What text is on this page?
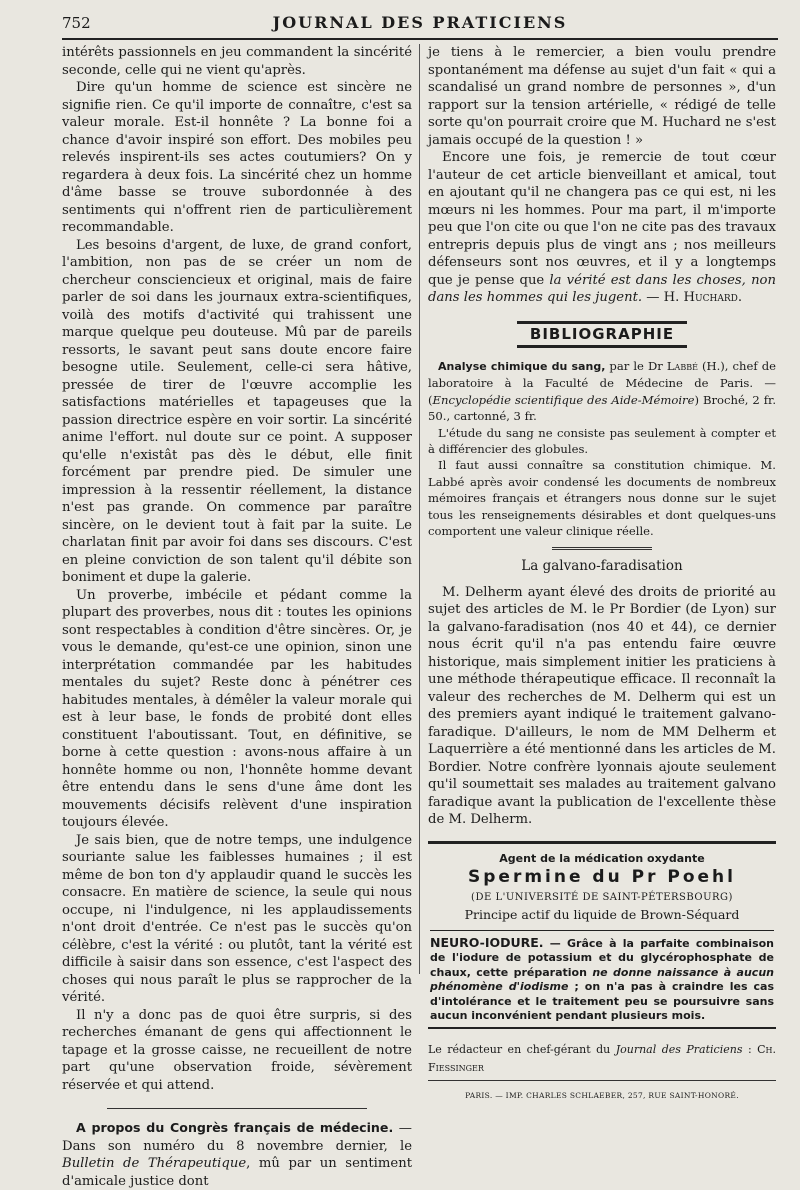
752	JOURNAL DES PRATICIENS

intérêts passionnels en jeu commandent la sincérité seconde, celle qui ne vient qu'après.

Dire qu'un homme de science est sincère ne signifie rien. Ce qu'il importe de connaître, c'est sa valeur morale. Est-il honnête ? La bonne foi a chance d'avoir inspiré son effort. Des mobiles peu relevés inspirent-ils ses actes coutumiers? On y regardera à deux fois. La sincérité chez un homme d'âme basse se trouve subordonnée à des sentiments qui n'offrent rien de particulièrement recommandable.

Les besoins d'argent, de luxe, de grand confort, l'ambition, non pas de se créer un nom de chercheur consciencieux et original, mais de faire parler de soi dans les journaux extra-scientifiques, voilà des motifs d'activité qui trahissent une marque quelque peu douteuse. Mû par de pareils ressorts, le savant peut sans doute encore faire besogne utile. Seulement, celle-ci sera hâtive, pressée de tirer de l'œuvre accomplie les satisfactions matérielles et tapageuses que la passion directrice espère en voir sortir. La sincérité anime l'effort. nul doute sur ce point. A supposer qu'elle n'existât pas dès le début, elle finit forcément par prendre pied. De simuler une impression à la ressentir réellement, la distance n'est pas grande. On commence par paraître sincère, on le devient tout à fait par la suite. Le charlatan finit par avoir foi dans ses discours. C'est en pleine conviction de son talent qu'il débite son boniment et dupe la galerie.

Un proverbe, imbécile et pédant comme la plupart des proverbes, nous dit : toutes les opinions sont respectables à condition d'être sincères. Or, je vous le demande, qu'est-ce une opinion, sinon une interprétation commandée par les habitudes mentales du sujet? Reste donc à pénétrer ces habitudes mentales, à démêler la valeur morale qui est à leur base, le fonds de probité dont elles constituent l'aboutissant. Tout, en définitive, se borne à cette question : avons-nous affaire à un honnête homme ou non, l'honnête homme devant être entendu dans le sens d'une âme dont les mouvements décisifs relèvent d'une inspiration toujours élevée.

Je sais bien, que de notre temps, une indulgence souriante salue les faiblesses humaines ; il est même de bon ton d'y applaudir quand le succès les consacre. En matière de science, la seule qui nous occupe, ni l'indulgence, ni les applaudissements n'ont droit d'entrée. Ce n'est pas le succès qu'on célèbre, c'est la vérité : ou plutôt, tant la vérité est difficile à saisir dans son essence, c'est l'aspect des choses qui nous paraît le plus se rapprocher de la vérité.

Il n'y a donc pas de quoi être surpris, si des recherches émanant de gens qui affectionnent le tapage et la grosse caisse, ne recueillent de notre part qu'une observation froide, sévèrement réservée et qui attend.

A propos du Congrès français de médecine. — Dans son numéro du 8 novembre dernier, le Bulletin de Thérapeutique, mû par un sentiment d'amicale justice dont

je tiens à le remercier, a bien voulu prendre spontanément ma défense au sujet d'un fait « qui a scandalisé un grand nombre de personnes », d'un rapport sur la tension artérielle, « rédigé de telle sorte qu'on pourrait croire que M. Huchard ne s'est jamais occupé de la question ! »

Encore une fois, je remercie de tout cœur l'auteur de cet article bienveillant et amical, tout en ajoutant qu'il ne changera pas ce qui est, ni les mœurs ni les hommes. Pour ma part, il m'importe peu que l'on cite ou que l'on ne cite pas des travaux entrepris depuis plus de vingt ans ; nos meilleurs défenseurs sont nos œuvres, et il y a longtemps que je pense que la vérité est dans les choses, non dans les hommes qui les jugent. — H. Huchard.

BIBLIOGRAPHIE

Analyse chimique du sang, par le Dr Labbé (H.), chef de laboratoire à la Faculté de Médecine de Paris. — (Encyclopédie scientifique des Aide-Mémoire) Broché, 2 fr. 50., cartonné, 3 fr.

L'étude du sang ne consiste pas seulement à compter et à différencier des globules.

Il faut aussi connaître sa constitution chimique. M. Labbé après avoir condensé les documents de nombreux mémoires français et étrangers nous donne sur le sujet tous les renseignements désirables et dont quelques-uns comportent une valeur clinique réelle.

La galvano-faradisation

M. Delherm ayant élevé des droits de priorité au sujet des articles de M. le Pr Bordier (de Lyon) sur la galvano-faradisation (nos 40 et 44), ce dernier nous écrit qu'il n'a pas entendu faire œuvre historique, mais simplement initier les praticiens à une méthode thérapeutique efficace. Il reconnaît la valeur des recherches de M. Delherm qui est un des premiers ayant indiqué le traitement galvano-faradique. D'ailleurs, le nom de MM Delherm et Laquerrière a été mentionné dans les articles de M. Bordier. Notre confrère lyonnais ajoute seulement qu'il soumettait ses malades au traitement galvano faradique avant la publication de l'excellente thèse de M. Delherm.

Agent de la médication oxydante
Spermine du Pr Poehl
(DE L'UNIVERSITÉ DE SAINT-PÉTERSBOURG)
Principe actif du liquide de Brown-Séquard
NEURO-IODURE. — Grâce à la parfaite combinaison de l'iodure de potassium et du glycérophosphate de chaux, cette préparation ne donne naissance à aucun phénomène d'iodisme ; on n'a pas à craindre les cas d'intolérance et le traitement peu se poursuivre sans aucun inconvénient pendant plusieurs mois.
Le rédacteur en chef-gérant du Journal des Praticiens : Ch. Fiessinger
PARIS. — IMP. CHARLES SCHLAEBER, 257, RUE SAINT-HONORÉ.
